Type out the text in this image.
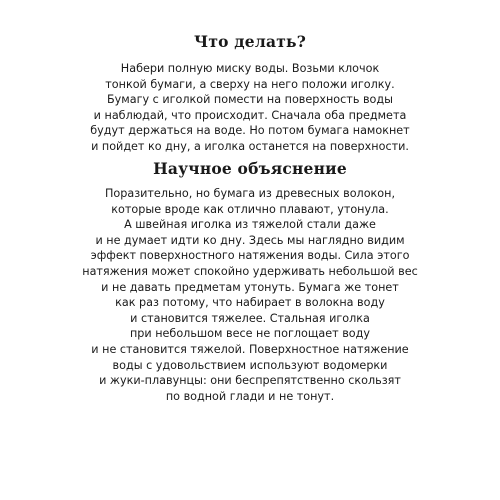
Что делать?
Набери полную миску воды. Возьми клочок
тонкой бумаги, а сверху на него положи иголку.
Бумагу с иголкой помести на поверхность воды
и наблюдай, что происходит. Сначала оба предмета
будут держаться на воде. Но потом бумага намокнет
и пойдет ко дну, а иголка останется на поверхности.
Научное объяснение
Поразительно, но бумага из древесных волокон,
которые вроде как отлично плавают, утонула.
А швейная иголка из тяжелой стали даже
и не думает идти ко дну. Здесь мы наглядно видим
эффект поверхностного натяжения воды. Сила этого
натяжения может спокойно удерживать небольшой вес
и не давать предметам утонуть. Бумага же тонет
как раз потому, что набирает в волокна воду
и становится тяжелее. Стальная иголка
при небольшом весе не поглощает воду
и не становится тяжелой. Поверхностное натяжение
воды с удовольствием используют водомерки
и жуки-плавунцы: они беспрепятственно скользят
по водной глади и не тонут.
